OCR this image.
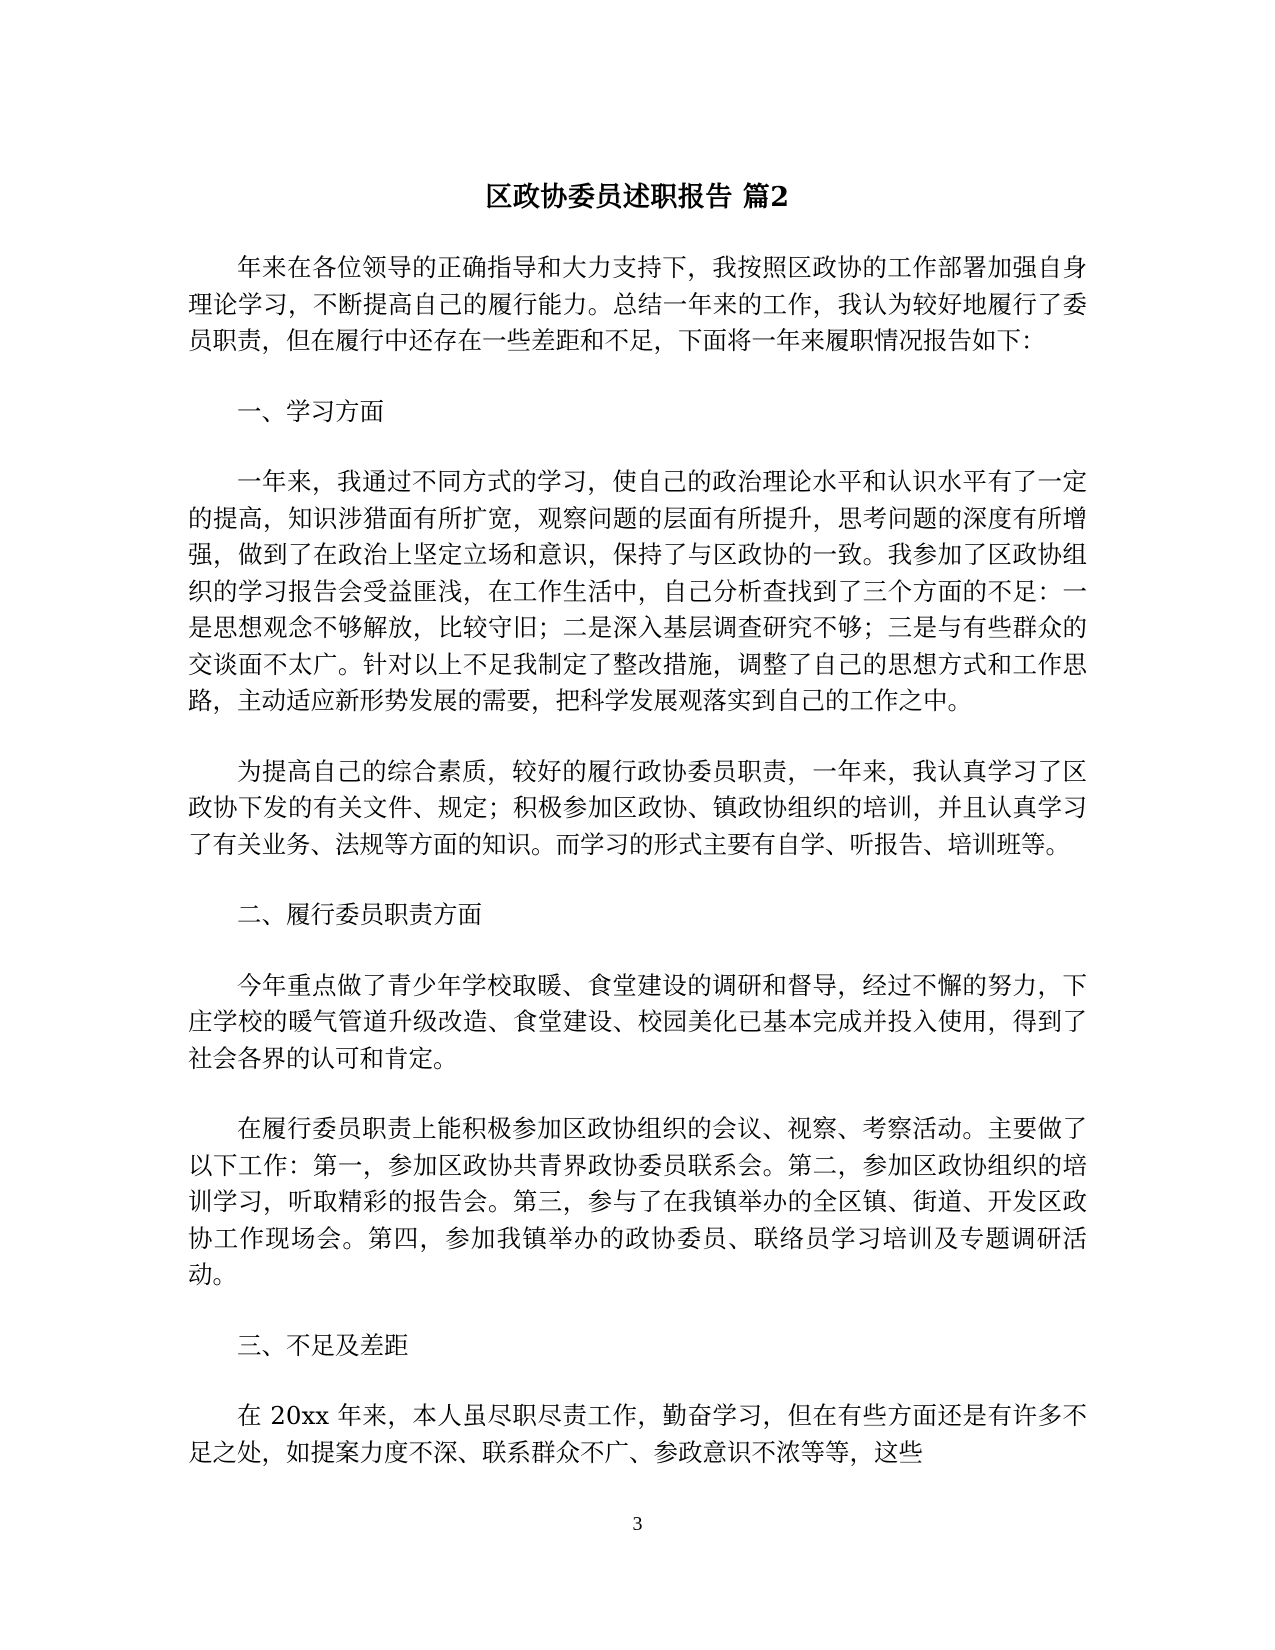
区政协委员述职报告 篇2

年来在各位领导的正确指导和大力支持下，我按照区政协的工作部署加强自身理论学习，不断提高自己的履行能力。总结一年来的工作，我认为较好地履行了委员职责，但在履行中还存在一些差距和不足，下面将一年来履职情况报告如下：

一、学习方面

一年来，我通过不同方式的学习，使自己的政治理论水平和认识水平有了一定的提高，知识涉猎面有所扩宽，观察问题的层面有所提升，思考问题的深度有所增强，做到了在政治上坚定立场和意识，保持了与区政协的一致。我参加了区政协组织的学习报告会受益匪浅，在工作生活中，自己分析查找到了三个方面的不足：一是思想观念不够解放，比较守旧；二是深入基层调查研究不够；三是与有些群众的交谈面不太广。针对以上不足我制定了整改措施，调整了自己的思想方式和工作思路，主动适应新形势发展的需要，把科学发展观落实到自己的工作之中。

为提高自己的综合素质，较好的履行政协委员职责，一年来，我认真学习了区政协下发的有关文件、规定；积极参加区政协、镇政协组织的培训，并且认真学习了有关业务、法规等方面的知识。而学习的形式主要有自学、听报告、培训班等。

二、履行委员职责方面

今年重点做了青少年学校取暖、食堂建设的调研和督导，经过不懈的努力，下庄学校的暖气管道升级改造、食堂建设、校园美化已基本完成并投入使用，得到了社会各界的认可和肯定。

在履行委员职责上能积极参加区政协组织的会议、视察、考察活动。主要做了以下工作：第一，参加区政协共青界政协委员联系会。第二，参加区政协组织的培训学习，听取精彩的报告会。第三，参与了在我镇举办的全区镇、街道、开发区政协工作现场会。第四，参加我镇举办的政协委员、联络员学习培训及专题调研活动。

三、不足及差距

在 20xx 年来，本人虽尽职尽责工作，勤奋学习，但在有些方面还是有许多不足之处，如提案力度不深、联系群众不广、参政意识不浓等等，这些

3
